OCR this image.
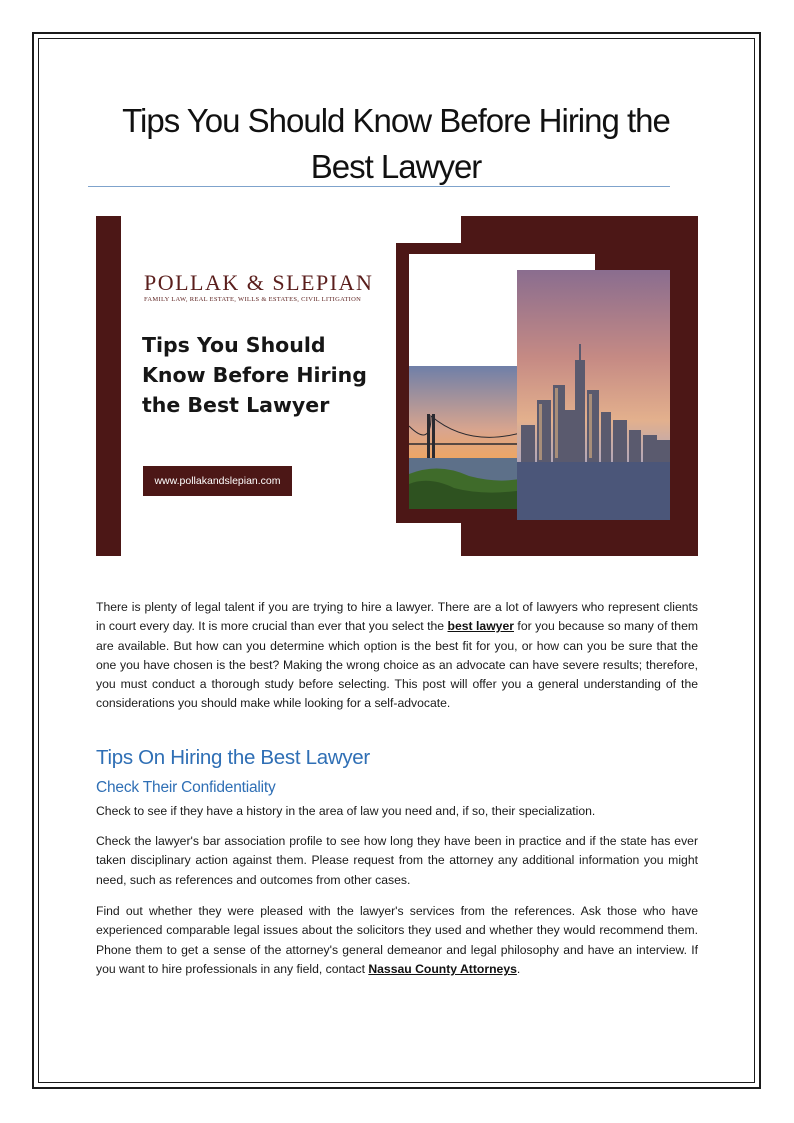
Tips You Should Know Before Hiring the Best Lawyer
POLLAK & SLEPIAN
FAMILY LAW, REAL ESTATE, WILLS & ESTATES, CIVIL LITIGATION
Tips You Should
Know Before Hiring
the Best Lawyer
www.pollakandslepian.com

There is plenty of legal talent if you are trying to hire a lawyer. There are a lot of lawyers who represent clients in court every day. It is more crucial than ever that you select the best lawyer for you because so many of them are available. But how can you determine which option is the best fit for you, or how can you be sure that the one you have chosen is the best? Making the wrong choice as an advocate can have severe results; therefore, you must conduct a thorough study before selecting. This post will offer you a general understanding of the considerations you should make while looking for a self-advocate.

Tips On Hiring the Best Lawyer
Check Their Confidentiality

Check to see if they have a history in the area of law you need and, if so, their specialization.

Check the lawyer's bar association profile to see how long they have been in practice and if the state has ever taken disciplinary action against them. Please request from the attorney any additional information you might need, such as references and outcomes from other cases.

Find out whether they were pleased with the lawyer's services from the references. Ask those who have experienced comparable legal issues about the solicitors they used and whether they would recommend them. Phone them to get a sense of the attorney's general demeanor and legal philosophy and have an interview. If you want to hire professionals in any field, contact Nassau County Attorneys.
